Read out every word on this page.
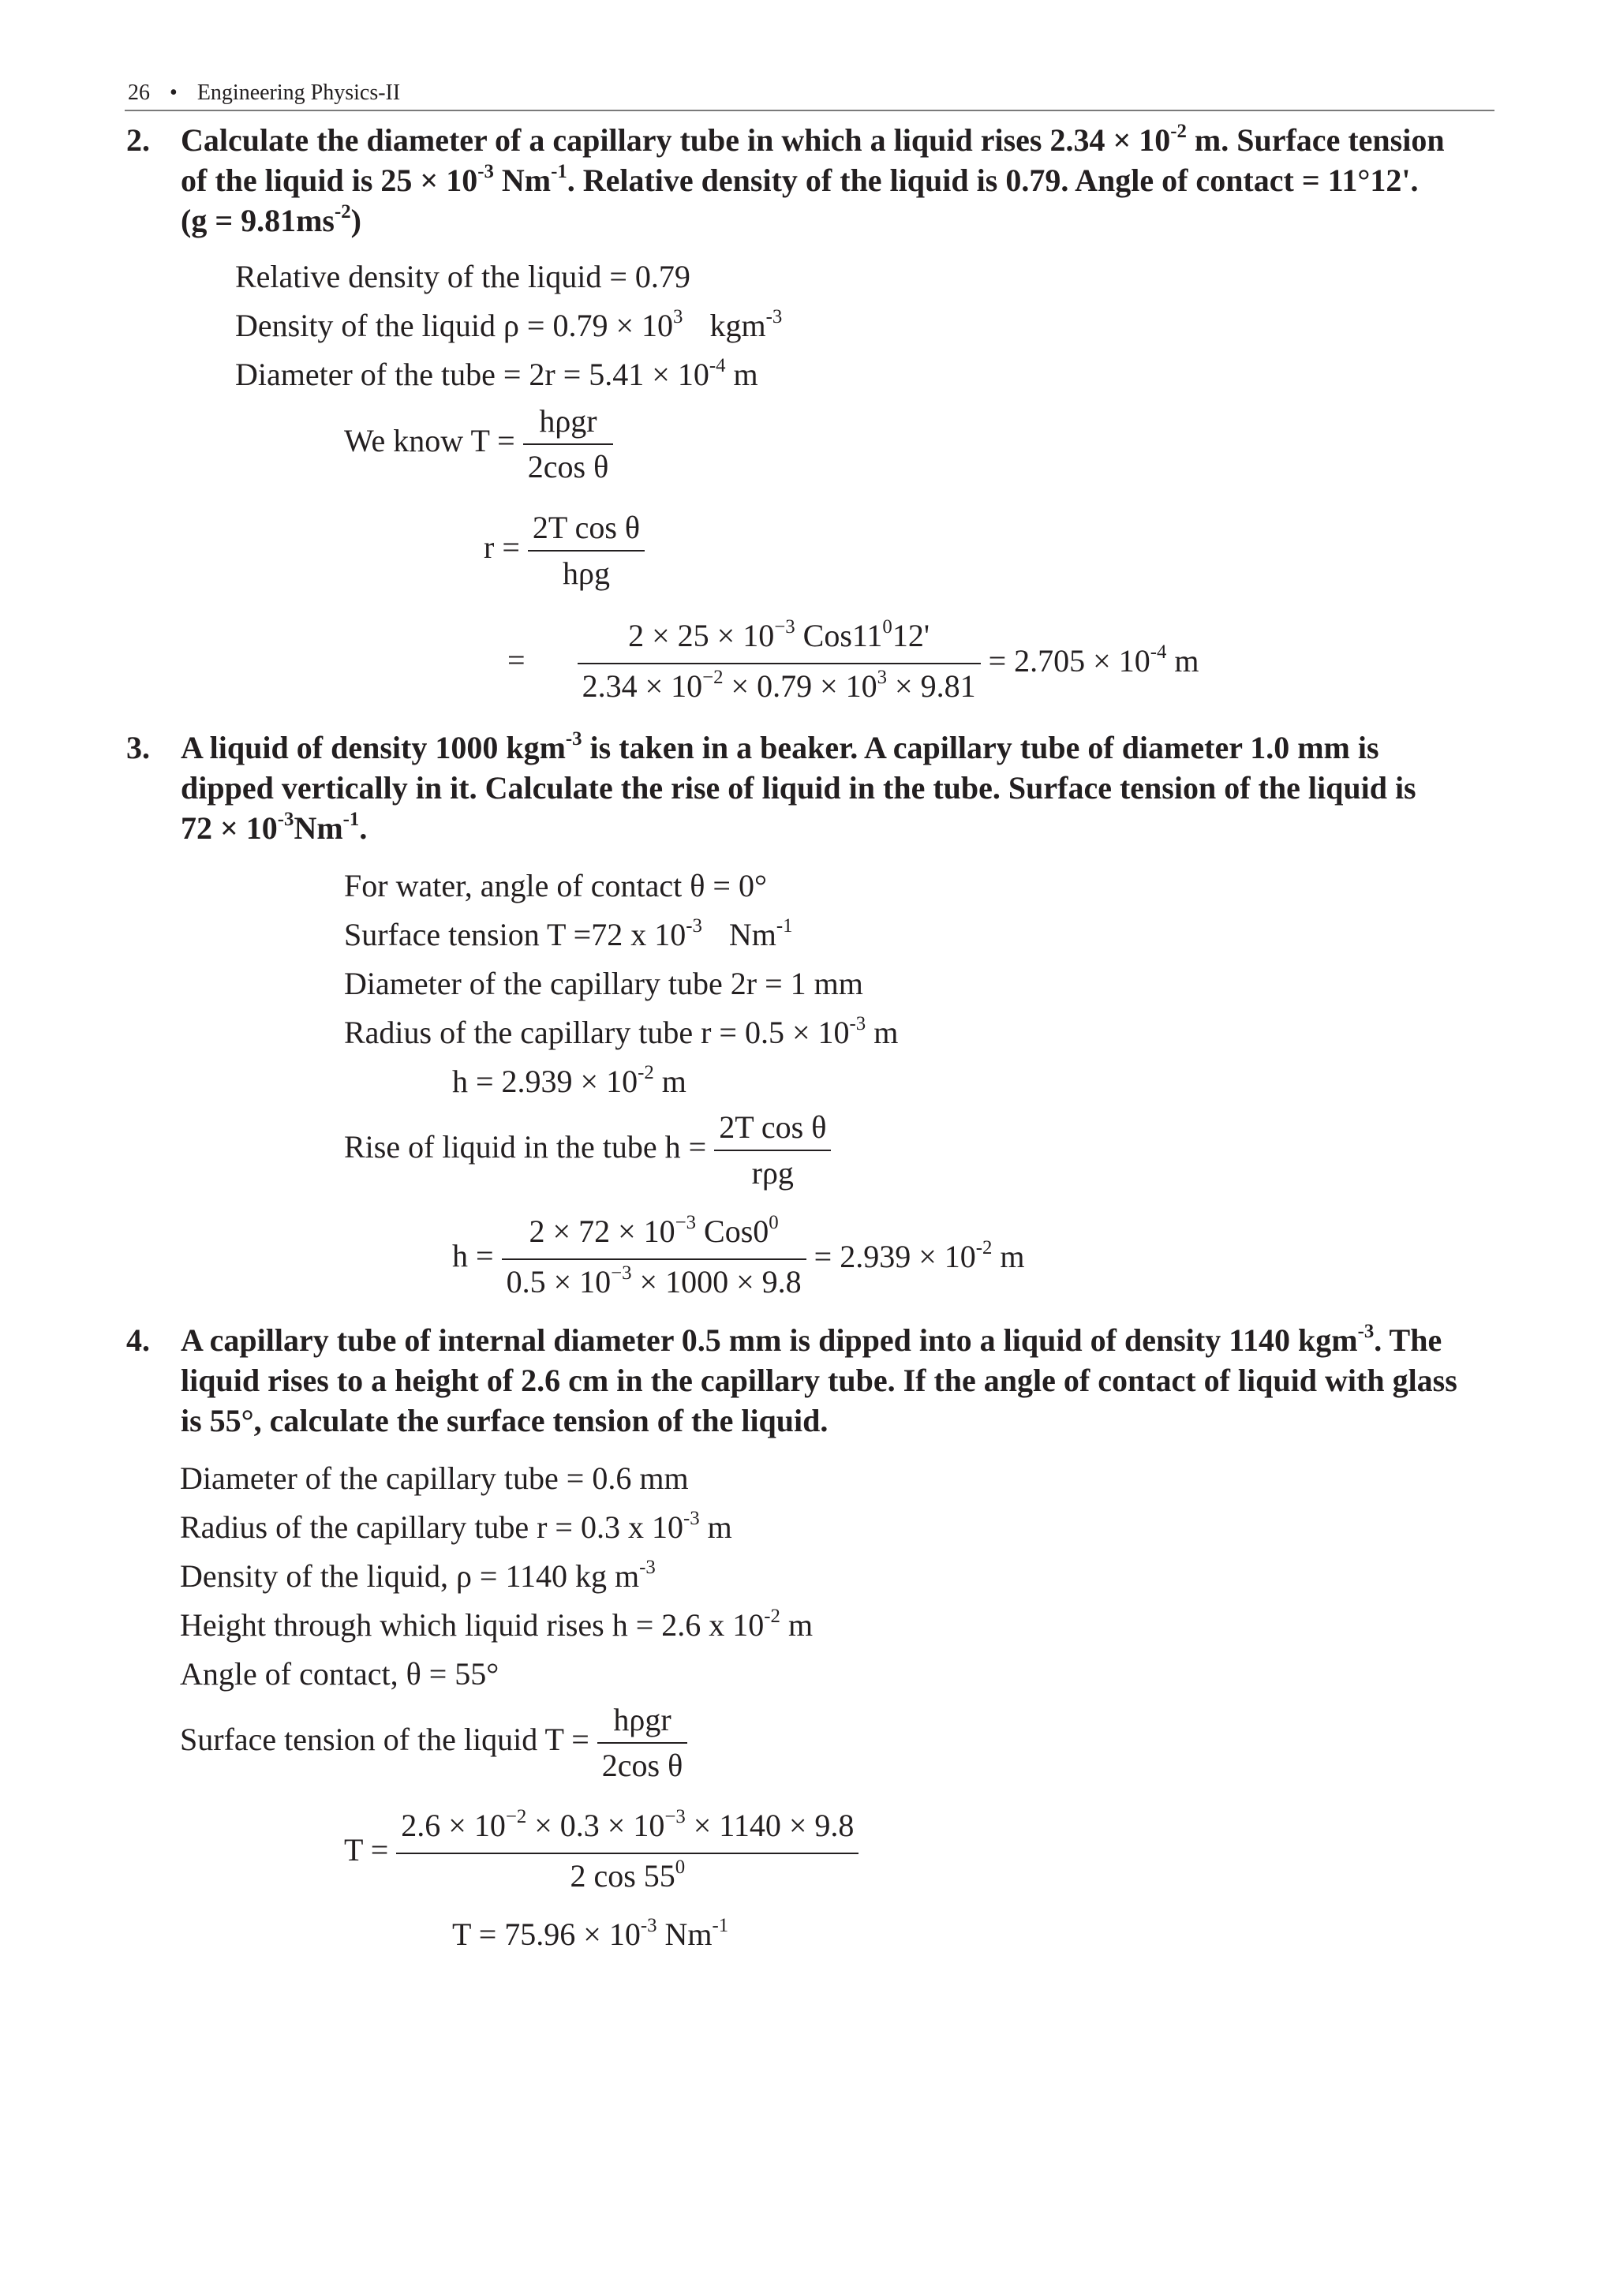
26 • Engineering Physics-II
2. Calculate the diameter of a capillary tube in which a liquid rises $2.34 \times 10^{-2}$ m. Surface tension
of the liquid is $25 \times 10^{-3}$ $Nm^{-1}$. Relative density of the liquid is 0.79. Angle of contact = 11°12'.
$(g = 9.81ms^{-2})$
Relative density of the liquid = 0.79
Density of the liquid $\rho = 0.79 \times 10^3$ kgm$^{-3}$
Diameter of the tube = $2r = 5.41 \times 10^{-4}$ m
We know $T = \frac{\text{hρgr}}{\text{2cos θ}}$
$r = \frac{\text{2T cos θ}}{\text{hρg}}$
= $\frac{2 \times 25 \times 10^{-3} Cos11^012'}{2.34 \times 10^{-2} \times 0.79 \times 10^3 \times 9.81} = 2.705 \times 10^{-4}$ m
3. A liquid of density 1000 kgm$^{-3}$ is taken in a beaker. A capillary tube of diameter 1.0 mm is
dipped vertically in it. Calculate the rise of liquid in the tube. Surface tension of the liquid is
$72 \times 10^{-3}Nm^{-1}$.
For water, angle of contact θ = 0°
Surface tension T =72 x $10^{-3}$ $Nm^{-1}$
Diameter of the capillary tube 2r = 1 mm
Radius of the capillary tube $r = 0.5 \times 10^{-3}$ m
$h = 2.939 \times 10^{-2}$ m
Rise of liquid in the tube $h = \frac{\text{2T cos θ}}{\text{rρg}}$
$h = \frac{2 \times 72 \times 10^{-3} Cos0^0}{0.5 \times 10^{-3} \times 1000 \times 9.8} = 2.939 \times 10^{-2}$ m
4. A capillary tube of internal diameter 0.5 mm is dipped into a liquid of density 1140 kgm$^{-3}$. The
liquid rises to a height of 2.6 cm in the capillary tube. If the angle of contact of liquid with glass
is 55°, calculate the surface tension of the liquid.
Diameter of the capillary tube = 0.6 mm
Radius of the capillary tube r = 0.3 x $10^{-3}$ m
Density of the liquid, ρ = 1140 kg $m^{-3}$
Height through which liquid rises h = 2.6 x $10^{-2}$ m
Angle of contact, θ = 55°
Surface tension of the liquid $T = \frac{\text{hρgr}}{\text{2cos θ}}$
$T = \frac{2.6 \times 10^{-2} \times 0.3 \times 10^{-3} \times 1140 \times 9.8}{2 \cos 55^0}$
$T = 75.96 \times 10^{-3}$ $Nm^{-1}$
